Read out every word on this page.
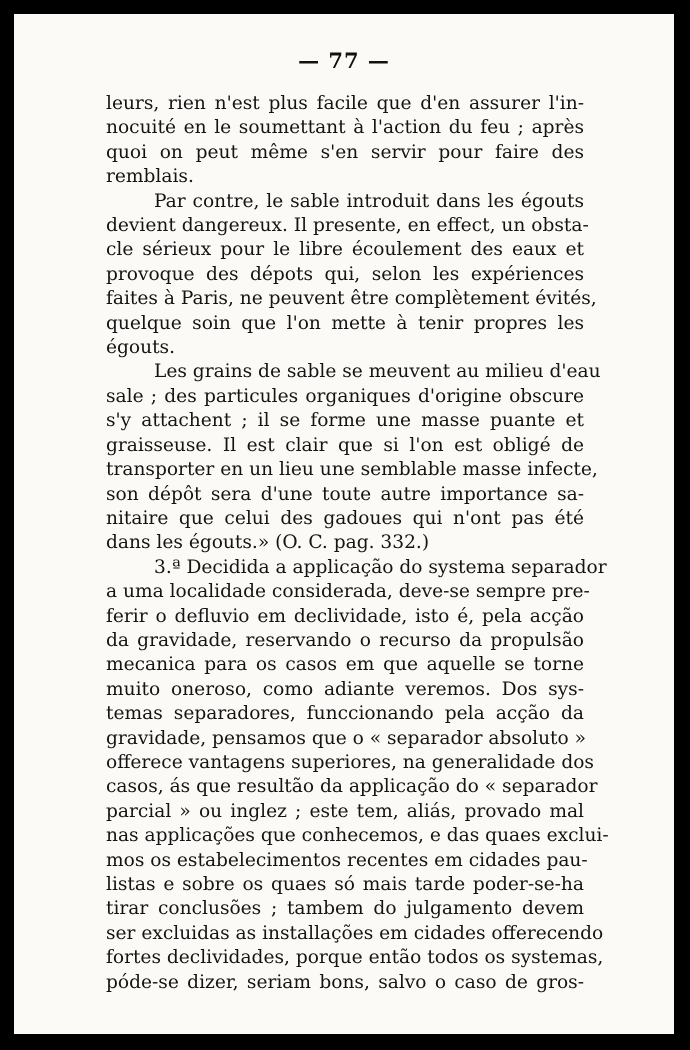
— 77 —
leurs, rien n'est plus facile que d'en assurer l'in-
nocuité en le soumettant à l'action du feu ; après
quoi on peut même s'en servir pour faire des
remblais.
Par contre, le sable introduit dans les égouts
devient dangereux. Il presente, en effect, un obsta-
cle sérieux pour le libre écoulement des eaux et
provoque des dépots qui, selon les expériences
faites à Paris, ne peuvent être complètement évités,
quelque soin que l'on mette à tenir propres les
égouts.
Les grains de sable se meuvent au milieu d'eau
sale ; des particules organiques d'origine obscure
s'y attachent ; il se forme une masse puante et
graisseuse. Il est clair que si l'on est obligé de
transporter en un lieu une semblable masse infecte,
son dépôt sera d'une toute autre importance sa-
nitaire que celui des gadoues qui n'ont pas été
dans les égouts.» (O. C. pag. 332.)
3.ª Decidida a applicação do systema separador
a uma localidade considerada, deve-se sempre pre-
ferir o defluvio em declividade, isto é, pela acção
da gravidade, reservando o recurso da propulsão
mecanica para os casos em que aquelle se torne
muito oneroso, como adiante veremos. Dos sys-
temas separadores, funccionando pela acção da
gravidade, pensamos que o « separador absoluto »
offerece vantagens superiores, na generalidade dos
casos, ás que resultão da applicação do « separador
parcial » ou inglez ; este tem, aliás, provado mal
nas applicações que conhecemos, e das quaes exclui-
mos os estabelecimentos recentes em cidades pau-
listas e sobre os quaes só mais tarde poder-se-ha
tirar conclusões ; tambem do julgamento devem
ser excluidas as installações em cidades offerecendo
fortes declividades, porque então todos os systemas,
póde-se dizer, seriam bons, salvo o caso de gros-
